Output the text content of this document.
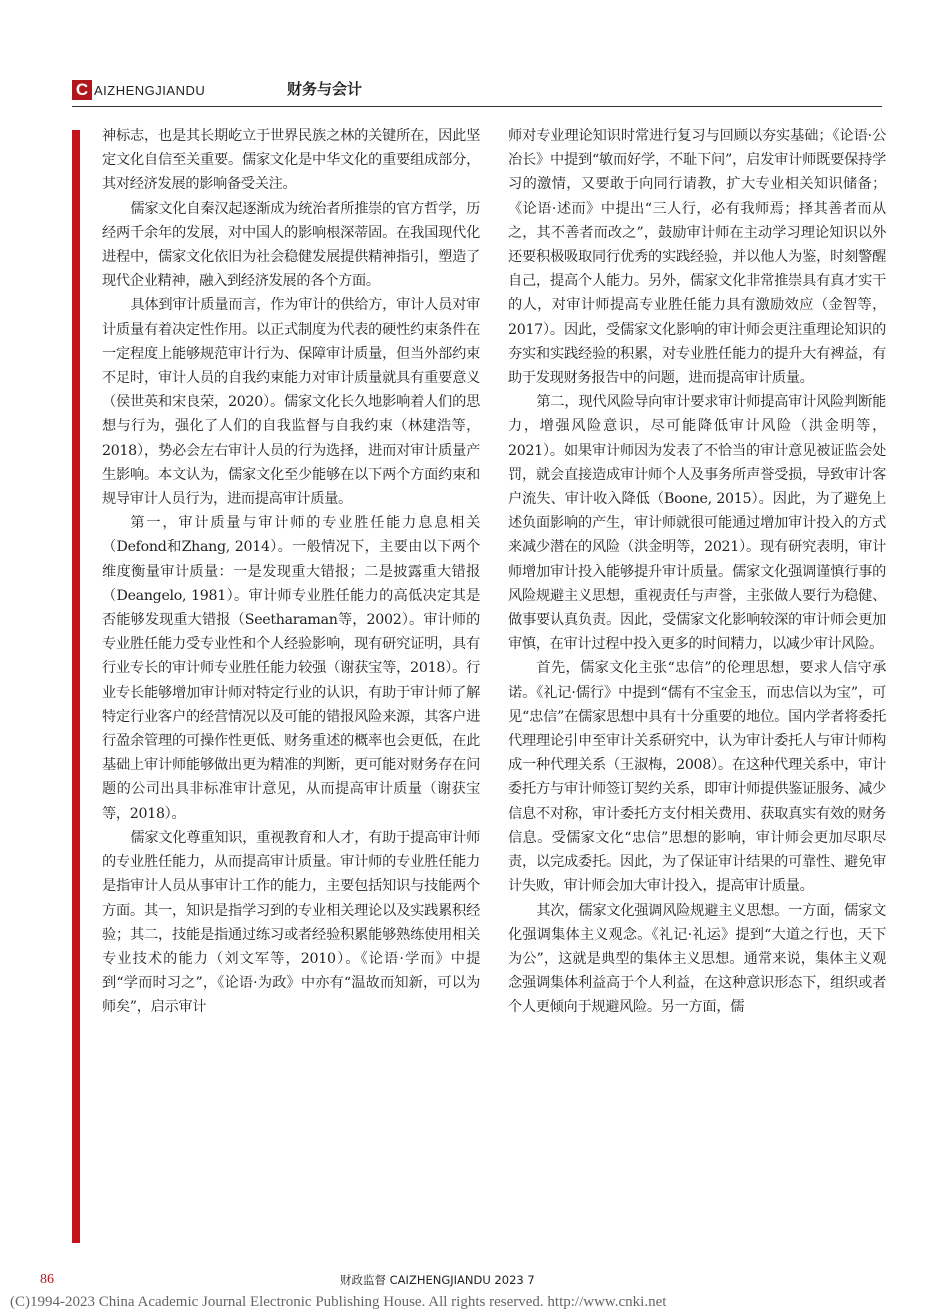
C AIZHENGJIANDU	财务与会计

神标志，也是其长期屹立于世界民族之林的关键所在，因此坚定文化自信至关重要。儒家文化是中华文化的重要组成部分，其对经济发展的影响备受关注。

儒家文化自秦汉起逐渐成为统治者所推崇的官方哲学，历经两千余年的发展，对中国人的影响根深蒂固。在我国现代化进程中，儒家文化依旧为社会稳健发展提供精神指引，塑造了现代企业精神，融入到经济发展的各个方面。

具体到审计质量而言，作为审计的供给方，审计人员对审计质量有着决定性作用。以正式制度为代表的硬性约束条件在一定程度上能够规范审计行为、保障审计质量，但当外部约束不足时，审计人员的自我约束能力对审计质量就具有重要意义（侯世英和宋良荣，2020）。儒家文化长久地影响着人们的思想与行为，强化了人们的自我监督与自我约束（林建浩等，2018），势必会左右审计人员的行为选择，进而对审计质量产生影响。本文认为，儒家文化至少能够在以下两个方面约束和规导审计人员行为，进而提高审计质量。

第一，审计质量与审计师的专业胜任能力息息相关（Defond和Zhang, 2014）。一般情况下，主要由以下两个维度衡量审计质量：一是发现重大错报；二是披露重大错报（Deangelo, 1981）。审计师专业胜任能力的高低决定其是否能够发现重大错报（Seetharaman等，2002）。审计师的专业胜任能力受专业性和个人经验影响，现有研究证明，具有行业专长的审计师专业胜任能力较强（谢获宝等，2018）。行业专长能够增加审计师对特定行业的认识，有助于审计师了解特定行业客户的经营情况以及可能的错报风险来源，其客户进行盈余管理的可操作性更低、财务重述的概率也会更低，在此基础上审计师能够做出更为精准的判断，更可能对财务存在问题的公司出具非标准审计意见，从而提高审计质量（谢获宝等，2018）。

儒家文化尊重知识，重视教育和人才，有助于提高审计师的专业胜任能力，从而提高审计质量。审计师的专业胜任能力是指审计人员从事审计工作的能力，主要包括知识与技能两个方面。其一，知识是指学习到的专业相关理论以及实践累积经验；其二，技能是指通过练习或者经验积累能够熟练使用相关专业技术的能力（刘文军等，2010）。《论语·学而》中提到“学而时习之”，《论语·为政》中亦有“温故而知新，可以为师矣”，启示审计

师对专业理论知识时常进行复习与回顾以夯实基础；《论语·公冶长》中提到“敏而好学，不耻下问”，启发审计师既要保持学习的激情，又要敢于向同行请教，扩大专业相关知识储备；《论语·述而》中提出“三人行，必有我师焉；择其善者而从之，其不善者而改之”，鼓励审计师在主动学习理论知识以外还要积极吸取同行优秀的实践经验，并以他人为鉴，时刻警醒自己，提高个人能力。另外，儒家文化非常推崇具有真才实干的人，对审计师提高专业胜任能力具有激励效应（金智等，2017）。因此，受儒家文化影响的审计师会更注重理论知识的夯实和实践经验的积累，对专业胜任能力的提升大有裨益，有助于发现财务报告中的问题，进而提高审计质量。

第二，现代风险导向审计要求审计师提高审计风险判断能力，增强风险意识，尽可能降低审计风险（洪金明等，2021）。如果审计师因为发表了不恰当的审计意见被证监会处罚，就会直接造成审计师个人及事务所声誉受损，导致审计客户流失、审计收入降低（Boone, 2015）。因此，为了避免上述负面影响的产生，审计师就很可能通过增加审计投入的方式来减少潜在的风险（洪金明等，2021）。现有研究表明，审计师增加审计投入能够提升审计质量。儒家文化强调谨慎行事的风险规避主义思想，重视责任与声誉，主张做人要行为稳健、做事要认真负责。因此，受儒家文化影响较深的审计师会更加审慎，在审计过程中投入更多的时间精力，以减少审计风险。

首先，儒家文化主张“忠信”的伦理思想，要求人信守承诺。《礼记·儒行》中提到“儒有不宝金玉，而忠信以为宝”，可见“忠信”在儒家思想中具有十分重要的地位。国内学者将委托代理理论引申至审计关系研究中，认为审计委托人与审计师构成一种代理关系（王淑梅，2008）。在这种代理关系中，审计委托方与审计师签订契约关系，即审计师提供鉴证服务、减少信息不对称，审计委托方支付相关费用、获取真实有效的财务信息。受儒家文化“忠信”思想的影响，审计师会更加尽职尽责，以完成委托。因此，为了保证审计结果的可靠性、避免审计失败，审计师会加大审计投入，提高审计质量。

其次，儒家文化强调风险规避主义思想。一方面，儒家文化强调集体主义观念。《礼记·礼运》提到“大道之行也，天下为公”，这就是典型的集体主义思想。通常来说，集体主义观念强调集体利益高于个人利益，在这种意识形态下，组织或者个人更倾向于规避风险。另一方面，儒

86	财政监督 CAIZHENGJIANDU 2023 7
(C)1994-2023 China Academic Journal Electronic Publishing House. All rights reserved. http://www.cnki.net
